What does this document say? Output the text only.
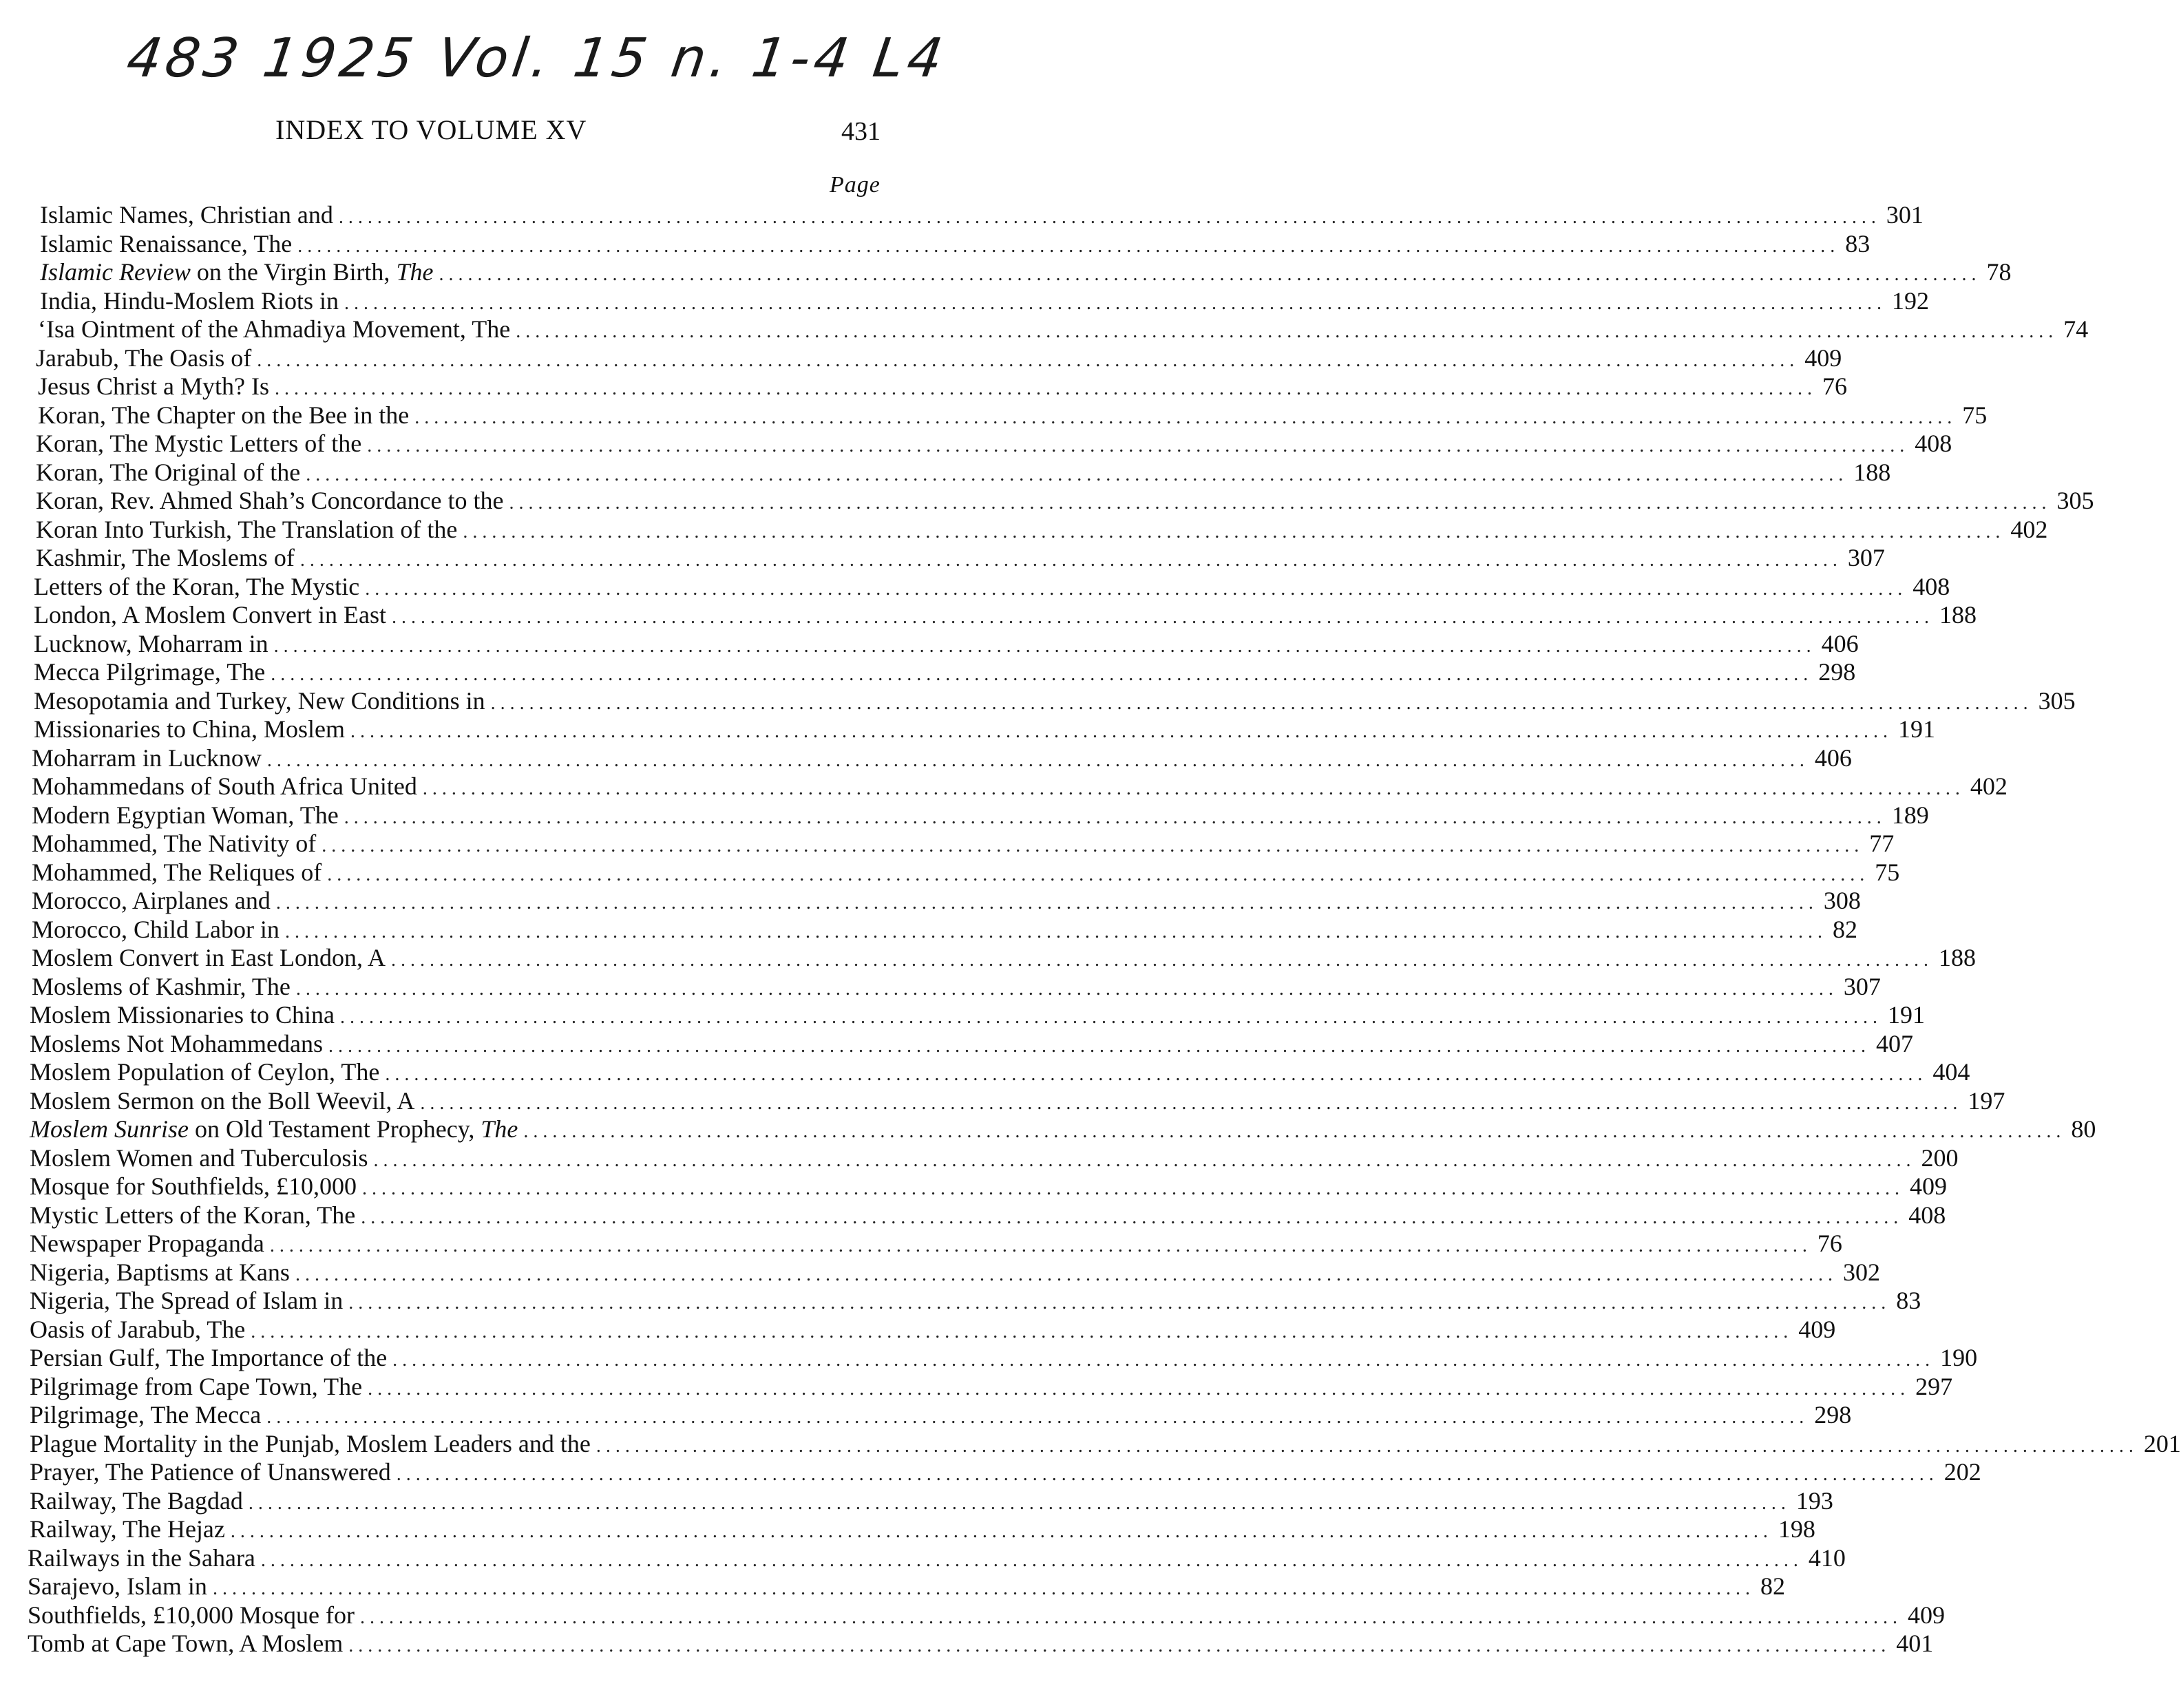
483 1925 Vol. 15 n. 1-4 L4
INDEX TO VOLUME XV	431
Page
Islamic Names, Christian and ................................................................................................................................................................ 301
Islamic Renaissance, The ................................................................................................................................................................ 83
Islamic Review on the Virgin Birth, The ................................................................................................................................................................ 78
India, Hindu-Moslem Riots in ................................................................................................................................................................ 192
‘Isa Ointment of the Ahmadiya Movement, The ................................................................................................................................................................ 74
Jarabub, The Oasis of ................................................................................................................................................................ 409
Jesus Christ a Myth? Is ................................................................................................................................................................ 76
Koran, The Chapter on the Bee in the ................................................................................................................................................................ 75
Koran, The Mystic Letters of the ................................................................................................................................................................ 408
Koran, The Original of the ................................................................................................................................................................ 188
Koran, Rev. Ahmed Shah’s Concordance to the ................................................................................................................................................................ 305
Koran Into Turkish, The Translation of the ................................................................................................................................................................ 402
Kashmir, The Moslems of ................................................................................................................................................................ 307
Letters of the Koran, The Mystic ................................................................................................................................................................ 408
London, A Moslem Convert in East ................................................................................................................................................................ 188
Lucknow, Moharram in ................................................................................................................................................................ 406
Mecca Pilgrimage, The ................................................................................................................................................................ 298
Mesopotamia and Turkey, New Conditions in ................................................................................................................................................................ 305
Missionaries to China, Moslem ................................................................................................................................................................ 191
Moharram in Lucknow ................................................................................................................................................................ 406
Mohammedans of South Africa United ................................................................................................................................................................ 402
Modern Egyptian Woman, The ................................................................................................................................................................ 189
Mohammed, The Nativity of ................................................................................................................................................................ 77
Mohammed, The Reliques of ................................................................................................................................................................ 75
Morocco, Airplanes and ................................................................................................................................................................ 308
Morocco, Child Labor in ................................................................................................................................................................ 82
Moslem Convert in East London, A ................................................................................................................................................................ 188
Moslems of Kashmir, The ................................................................................................................................................................ 307
Moslem Missionaries to China ................................................................................................................................................................ 191
Moslems Not Mohammedans ................................................................................................................................................................ 407
Moslem Population of Ceylon, The ................................................................................................................................................................ 404
Moslem Sermon on the Boll Weevil, A ................................................................................................................................................................ 197
Moslem Sunrise on Old Testament Prophecy, The ................................................................................................................................................................ 80
Moslem Women and Tuberculosis ................................................................................................................................................................ 200
Mosque for Southfields, £10,000 ................................................................................................................................................................ 409
Mystic Letters of the Koran, The ................................................................................................................................................................ 408
Newspaper Propaganda ................................................................................................................................................................ 76
Nigeria, Baptisms at Kans ................................................................................................................................................................ 302
Nigeria, The Spread of Islam in ................................................................................................................................................................ 83
Oasis of Jarabub, The ................................................................................................................................................................ 409
Persian Gulf, The Importance of the ................................................................................................................................................................ 190
Pilgrimage from Cape Town, The ................................................................................................................................................................ 297
Pilgrimage, The Mecca ................................................................................................................................................................ 298
Plague Mortality in the Punjab, Moslem Leaders and the ................................................................................................................................................................ 201
Prayer, The Patience of Unanswered ................................................................................................................................................................ 202
Railway, The Bagdad ................................................................................................................................................................ 193
Railway, The Hejaz ................................................................................................................................................................ 198
Railways in the Sahara ................................................................................................................................................................ 410
Sarajevo, Islam in ................................................................................................................................................................ 82
Southfields, £10,000 Mosque for ................................................................................................................................................................ 409
Tomb at Cape Town, A Moslem ................................................................................................................................................................ 401
